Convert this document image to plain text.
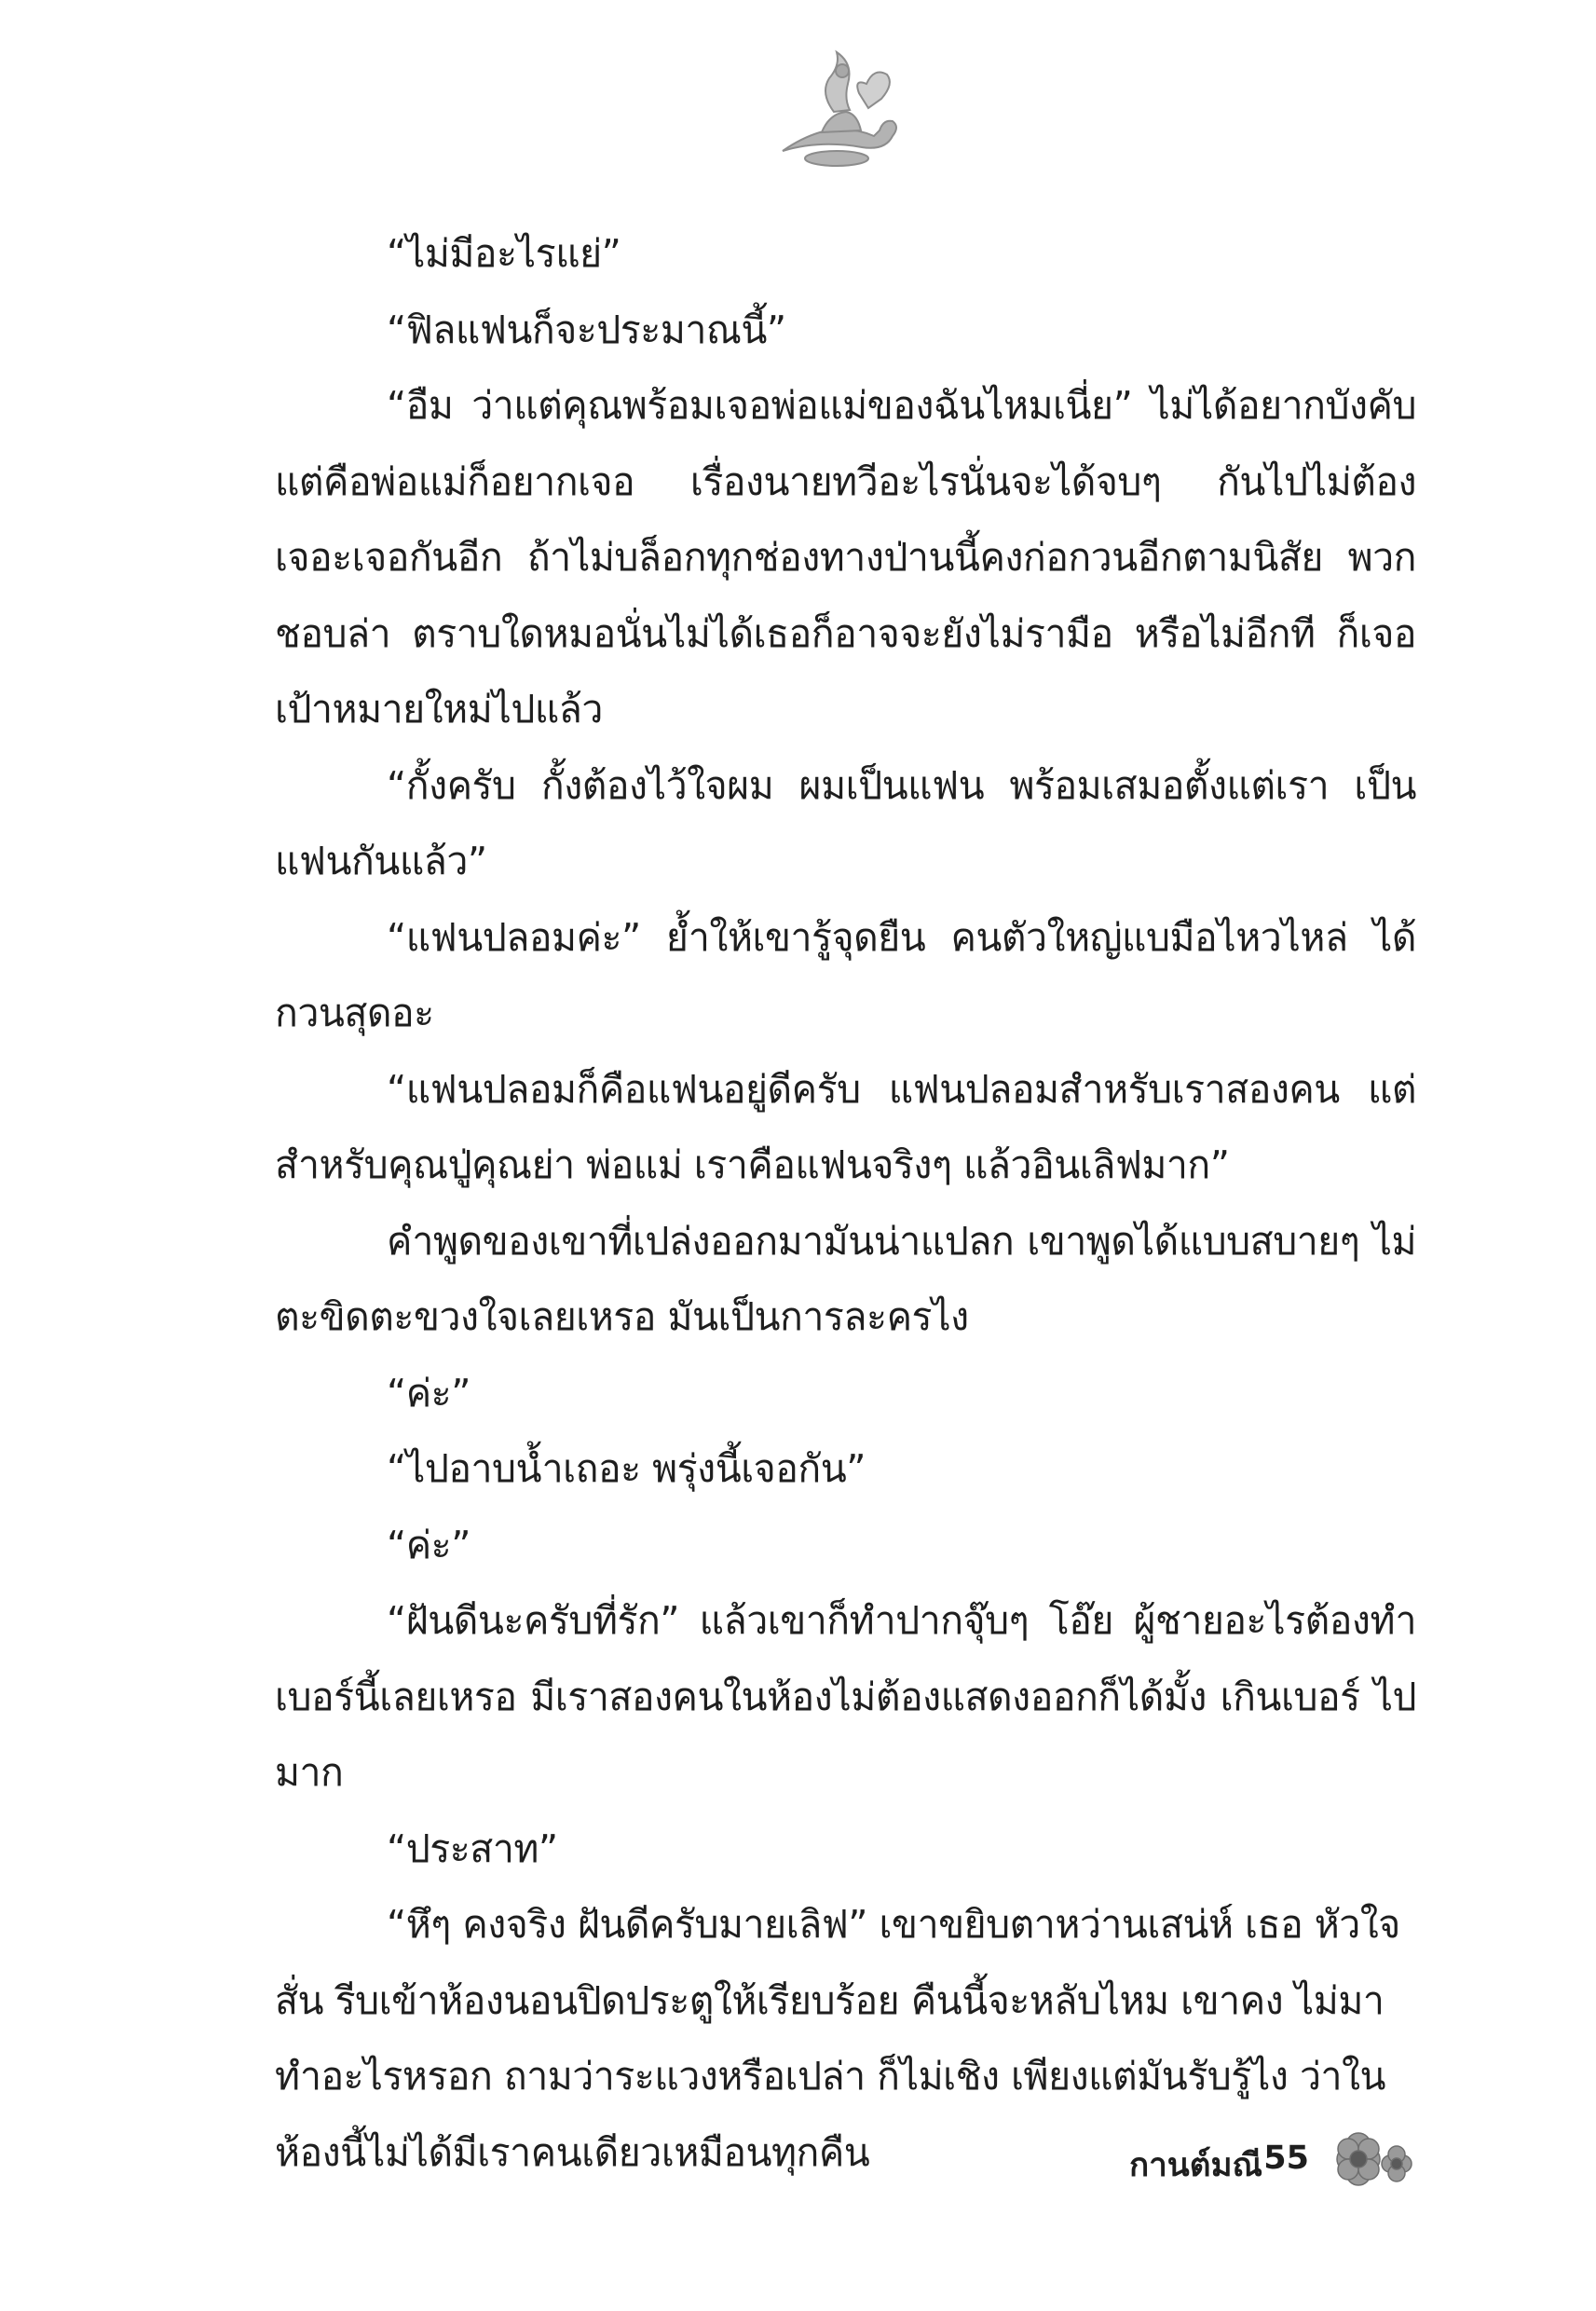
“ไม่มีอะไรแย่”

“ฟิลแฟนก็จะประมาณนี้”

“อืม ว่าแต่คุณพร้อมเจอพ่อแม่ของฉันไหมเนี่ย” ไม่ได้อยากบังคับ แต่คือพ่อแม่ก็อยากเจอ เรื่องนายทวีอะไรนั่นจะได้จบๆ กันไปไม่ต้อง เจอะเจอกันอีก ถ้าไม่บล็อกทุกช่องทางป่านนี้คงก่อกวนอีกตามนิสัย พวกชอบล่า ตราบใดหมอนั่นไม่ได้เธอก็อาจจะยังไม่รามือ หรือไม่อีกที ก็เจอเป้าหมายใหม่ไปแล้ว

“กั้งครับ กั้งต้องไว้ใจผม ผมเป็นแฟน พร้อมเสมอตั้งแต่เรา เป็นแฟนกันแล้ว”

“แฟนปลอมค่ะ” ย้ำให้เขารู้จุดยืน คนตัวใหญ่แบมือไหวไหล่ ได้กวนสุดอะ

“แฟนปลอมก็คือแฟนอยู่ดีครับ แฟนปลอมสำหรับเราสองคน แต่สำหรับคุณปู่คุณย่า พ่อแม่ เราคือแฟนจริงๆ แล้วอินเลิฟมาก”

คำพูดของเขาที่เปล่งออกมามันน่าแปลก เขาพูดได้แบบสบายๆ ไม่ตะขิดตะขวงใจเลยเหรอ มันเป็นการละครไง

“ค่ะ”

“ไปอาบน้ำเถอะ พรุ่งนี้เจอกัน”

“ค่ะ”

“ฝันดีนะครับที่รัก” แล้วเขาก็ทำปากจุ๊บๆ โอ๊ย ผู้ชายอะไรต้องทำ เบอร์นี้เลยเหรอ มีเราสองคนในห้องไม่ต้องแสดงออกก็ได้มั้ง เกินเบอร์ ไปมาก

“ประสาท”

“หึๆ คงจริง ฝันดีครับมายเลิฟ” เขาขยิบตาหว่านเสน่ห์ เธอ หัวใจสั่น รีบเข้าห้องนอนปิดประตูให้เรียบร้อย คืนนี้จะหลับไหม เขาคง ไม่มาทำอะไรหรอก ถามว่าระแวงหรือเปล่า ก็ไม่เชิง เพียงแต่มันรับรู้ไง ว่าในห้องนี้ไม่ได้มีเราคนเดียวเหมือนทุกคืน	กานต์มณี 55
